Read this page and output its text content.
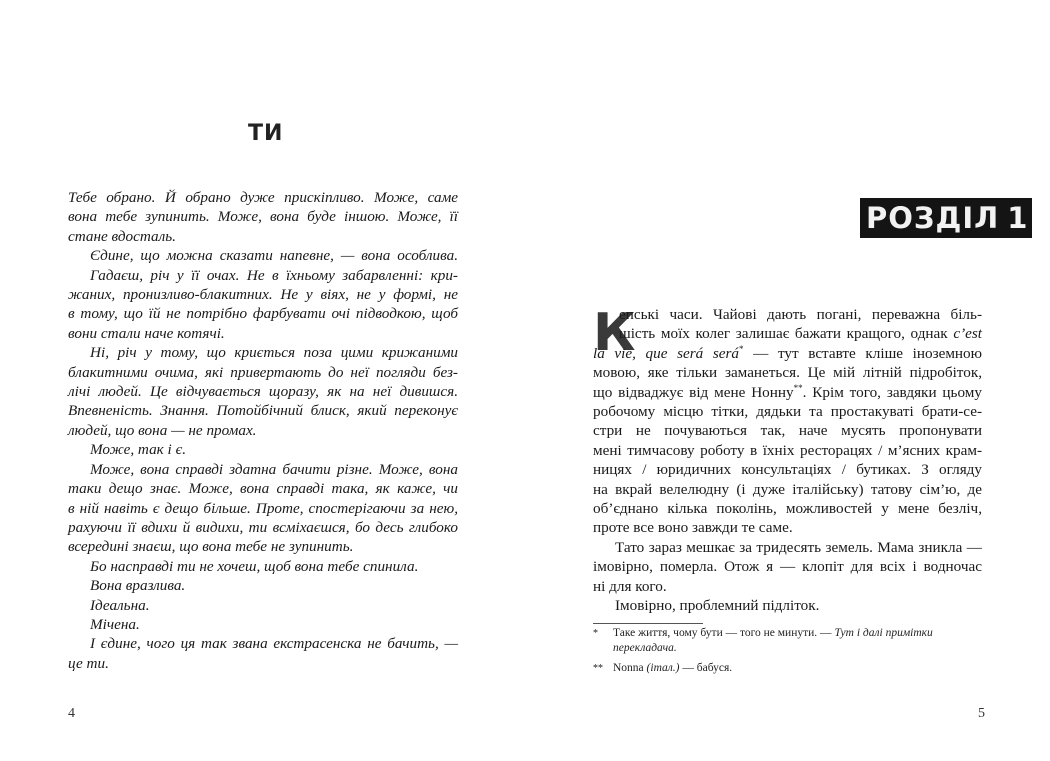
ТИ
Тебе обрано. Й обрано дуже прискіпливо. Може, саме
вона тебе зупинить. Може, вона буде іншою. Може, її
стане вдосталь.
Єдине, що можна сказати напевне, — вона особлива.
Гадаєш, річ у її очах. Не в їхньому забарвленні: кри-
жаних, пронизливо-блакитних. Не у віях, не у формі, не
в тому, що їй не потрібно фарбувати очі підводкою, щоб
вони стали наче котячі.
Ні, річ у тому, що криється поза цими крижаними
блакитними очима, які привертають до неї погляди без-
лічі людей. Це відчувається щоразу, як на неї дивишся.
Впевненість. Знання. Потойбічний блиск, який переконує
людей, що вона — не промах.
Може, так і є.
Може, вона справді здатна бачити різне. Може, вона
таки дещо знає. Може, вона справді така, як каже, чи
в ній навіть є дещо більше. Проте, спостерігаючи за нею,
рахуючи її вдихи й видихи, ти всміхаєшся, бо десь глибоко
всередині знаєш, що вона тебе не зупинить.
Бо насправді ти не хочеш, щоб вона тебе спинила.
Вона вразлива.
Ідеальна.
Мічена.
І єдине, чого ця так звана екстрасенска не бачить, —
це ти.
4
РОЗДІЛ 1
К
епські часи. Чайові дають погані, переважна біль-
шість моїх колег залишає бажати кращого, однак c’est
la vie, que será será* — тут вставте кліше іноземною
мовою, яке тільки заманеться. Це мій літній підробіток,
що відваджує від мене Нонну**. Крім того, завдяки цьому
робочому місцю тітки, дядьки та простакуваті брати-се-
стри не почуваються так, наче мусять пропонувати
мені тимчасову роботу в їхніх ресторацях / м’ясних крам-
ницях / юридичних консультаціях / бутиках. З огляду
на вкрай велелюдну (і дуже італійську) татову сім’ю, де
об’єднано кілька поколінь, можливостей у мене безліч,
проте все воно завжди те саме.
Тато зараз мешкає за тридесять земель. Мама зникла —
імовірно, померла. Отож я — клопіт для всіх і водночас
ні для кого.
Імовірно, проблемний підліток.
* Таке життя, чому бути — того не минути. — Тут і далі примітки перекладача.
** Nonna (італ.) — бабуся.
5
